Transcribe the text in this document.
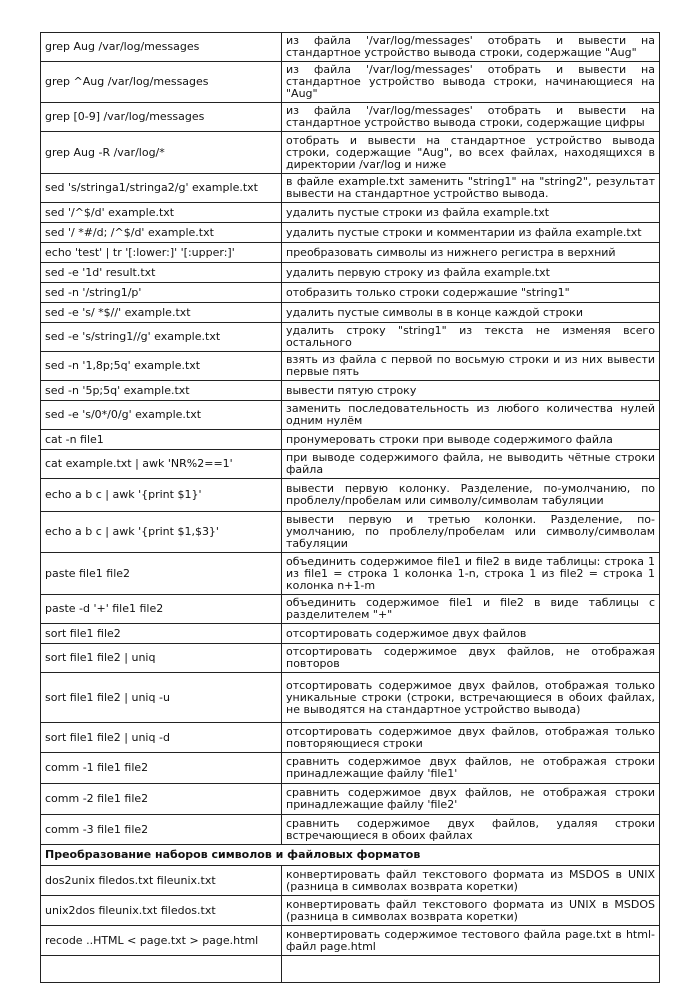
grep Aug /var/log/messages	из файла '/var/log/messages' отобрать и вывести на стандартное устройство вывода строки, содержащие "Aug"
grep ^Aug /var/log/messages	из файла '/var/log/messages' отобрать и вывести на стандартное устройство вывода строки, начинающиеся на "Aug"
grep [0-9] /var/log/messages	из файла '/var/log/messages' отобрать и вывести на стандартное устройство вывода строки, содержащие цифры
grep Aug -R /var/log/*	отобрать и вывести на стандартное устройство вывода строки, содержащие "Aug", во всех файлах, находящихся в директории /var/log и ниже
sed 's/stringa1/stringa2/g' example.txt	в файле example.txt заменить "string1" на "string2", результат вывести на стандартное устройство вывода.
sed '/^$/d' example.txt	удалить пустые строки из файла example.txt
sed '/ *#/d; /^$/d' example.txt	удалить пустые строки и комментарии из файла example.txt
echo 'test' | tr '[:lower:]' '[:upper:]'	преобразовать символы из нижнего регистра в верхний
sed -e '1d' result.txt	удалить первую строку из файла example.txt
sed -n '/string1/p'	отобразить только строки содержашие "string1"
sed -e 's/ *$//' example.txt	удалить пустые символы в в конце каждой строки
sed -e 's/string1//g' example.txt	удалить строку "string1" из текста не изменяя всего остального
sed -n '1,8p;5q' example.txt	взять из файла с первой по восьмую строки и из них вывести первые пять
sed -n '5p;5q' example.txt	вывести пятую строку
sed -e 's/0*/0/g' example.txt	заменить последовательность из любого количества нулей одним нулём
cat -n file1	пронумеровать строки при выводе содержимого файла
cat example.txt | awk 'NR%2==1'	при выводе содержимого файла, не выводить чётные строки файла
echo a b c | awk '{print $1}'	вывести первую колонку. Разделение, по-умолчанию, по проблелу/пробелам или символу/символам табуляции
echo a b c | awk '{print $1,$3}'	вывести первую и третью колонки. Разделение, по-умолчанию, по проблелу/пробелам или символу/символам табуляции
paste file1 file2	объединить содержимое file1 и file2 в виде таблицы: строка 1 из file1 = строка 1 колонка 1-n, строка 1 из file2 = строка 1 колонка n+1-m
paste -d '+' file1 file2	объединить содержимое file1 и file2 в виде таблицы с разделителем "+"
sort file1 file2	отсортировать содержимое двух файлов
sort file1 file2 | uniq	отсортировать содержимое двух файлов, не отображая повторов
sort file1 file2 | uniq -u	отсортировать содержимое двух файлов, отображая только уникальные строки (строки, встречающиеся в обоих файлах, не выводятся на стандартное устройство вывода)
sort file1 file2 | uniq -d	отсортировать содержимое двух файлов, отображая только повторяющиеся строки
comm -1 file1 file2	сравнить содержимое двух файлов, не отображая строки принадлежащие файлу 'file1'
comm -2 file1 file2	сравнить содержимое двух файлов, не отображая строки принадлежащие файлу 'file2'
comm -3 file1 file2	сравнить содержимое двух файлов, удаляя строки встречающиеся в обоих файлах
Преобразование наборов символов и файловых форматов	
dos2unix filedos.txt fileunix.txt	конвертировать файл текстового формата из MSDOS в UNIX (разница в символах возврата коретки)
unix2dos fileunix.txt filedos.txt	конвертировать файл текстового формата из UNIX в MSDOS (разница в символах возврата коретки)
recode ..HTML < page.txt > page.html	конвертировать содержимое тестового файла page.txt в html-файл page.html
